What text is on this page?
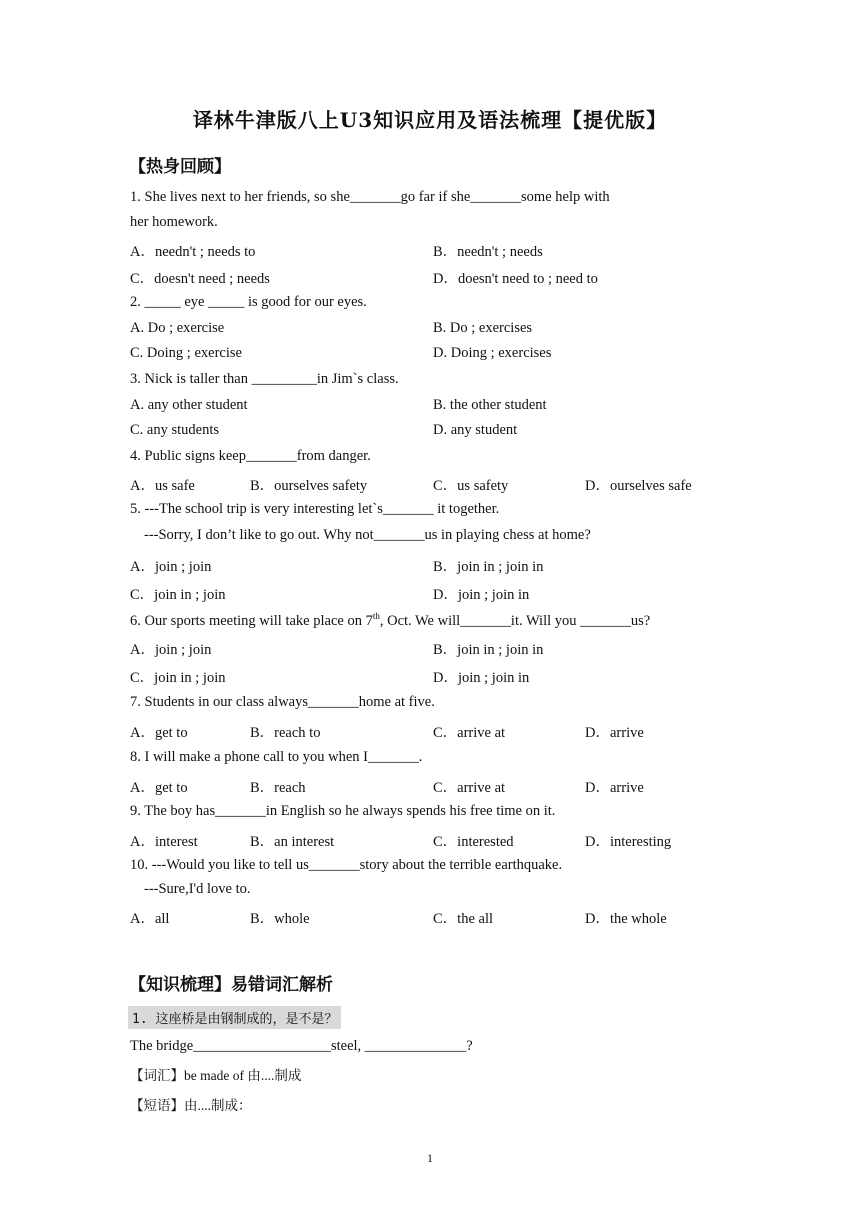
译林牛津版八上U3知识应用及语法梳理【提优版】
【热身回顾】
1. She lives next to her friends, so she_______go far if she_______some help with
her homework.
A．needn't ; needs to	B．needn't ; needs
C．doesn't need ; needs	D．doesn't need to ; need to
2. _____ eye _____ is good for our eyes.
A. Do ; exercise	B. Do ; exercises
C. Doing ; exercise	D. Doing ; exercises
3. Nick is taller than _________in Jim`s class.
A. any other student	B. the other student
C. any students	D. any student
4. Public signs keep_______from danger.
A．us safe	B．ourselves safety	C．us safety	D．ourselves safe
5. ---The school trip is very interesting let`s_______ it together.
---Sorry, I don’t like to go out. Why not_______us in playing chess at home?
A．join ; join	B．join in ; join in
C．join in ; join	D．join ; join in
6. Our sports meeting will take place on 7th, Oct. We will_______it. Will you _______us?
A．join ; join	B．join in ; join in
C．join in ; join	D．join ; join in
7. Students in our class always_______home at five.
A．get to	B．reach to	C．arrive at	D．arrive
8. I will make a phone call to you when I_______.
A．get to	B．reach	C．arrive at	D．arrive
9. The boy has_______in English so he always spends his free time on it.
A．interest	B．an interest	C．interested	D．interesting
10. ---Would you like to tell us_______story about the terrible earthquake.
---Sure,I'd love to.
A．all	B．whole	C．the all	D．the whole
【知识梳理】易错词汇解析
1. 这座桥是由钢制成的，是不是？
The bridge___________________steel, ______________?
【词汇】be made of 由....制成
【短语】由....制成：
1
